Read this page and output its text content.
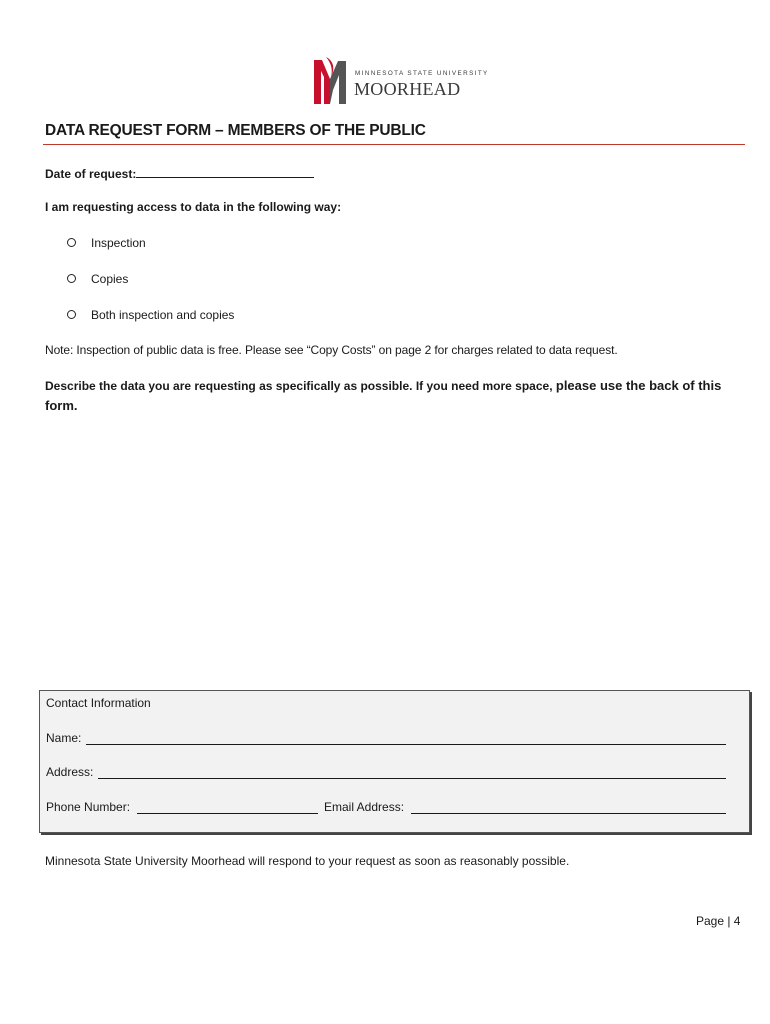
MINNESOTA STATE UNIVERSITY
MOORHEAD
DATA REQUEST FORM – MEMBERS OF THE PUBLIC
Date of request:
I am requesting access to data in the following way:
Inspection
Copies
Both inspection and copies
Note: Inspection of public data is free. Please see “Copy Costs” on page 2 for charges related to data request.
Describe the data you are requesting as specifically as possible. If you need more space, please use the back of this
form.
Contact Information
Name:
Address:
Phone Number:	Email Address:
Minnesota State University Moorhead will respond to your request as soon as reasonably possible.
Page | 4
